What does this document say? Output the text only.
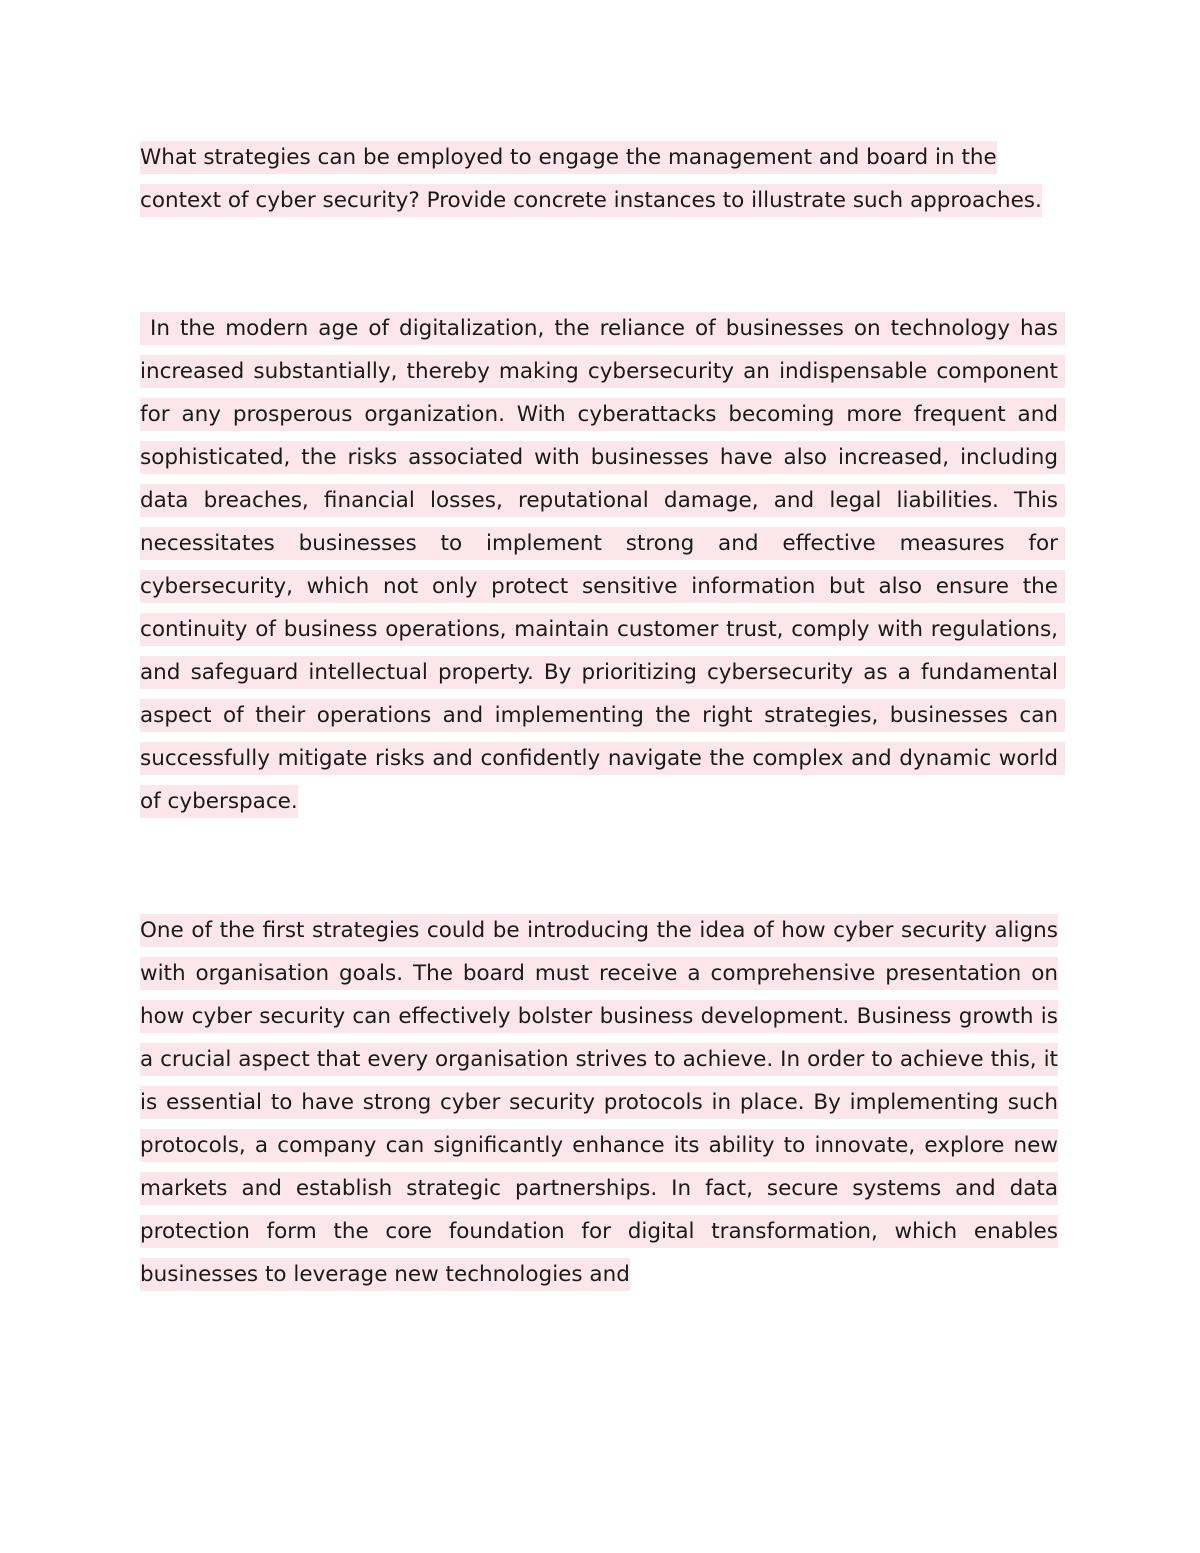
What strategies can be employed to engage the management and board in the context of cyber security? Provide concrete instances to illustrate such approaches.

In the modern age of digitalization, the reliance of businesses on technology has increased substantially, thereby making cybersecurity an indispensable component for any prosperous organization. With cyberattacks becoming more frequent and sophisticated, the risks associated with businesses have also increased, including data breaches, financial losses, reputational damage, and legal liabilities. This necessitates businesses to implement strong and effective measures for cybersecurity, which not only protect sensitive information but also ensure the continuity of business operations, maintain customer trust, comply with regulations, and safeguard intellectual property. By prioritizing cybersecurity as a fundamental aspect of their operations and implementing the right strategies, businesses can successfully mitigate risks and confidently navigate the complex and dynamic world of cyberspace.

One of the first strategies could be introducing the idea of how cyber security aligns with organisation goals. The board must receive a comprehensive presentation on how cyber security can effectively bolster business development. Business growth is a crucial aspect that every organisation strives to achieve. In order to achieve this, it is essential to have strong cyber security protocols in place. By implementing such protocols, a company can significantly enhance its ability to innovate, explore new markets and establish strategic partnerships. In fact, secure systems and data protection form the core foundation for digital transformation, which enables businesses to leverage new technologies and
